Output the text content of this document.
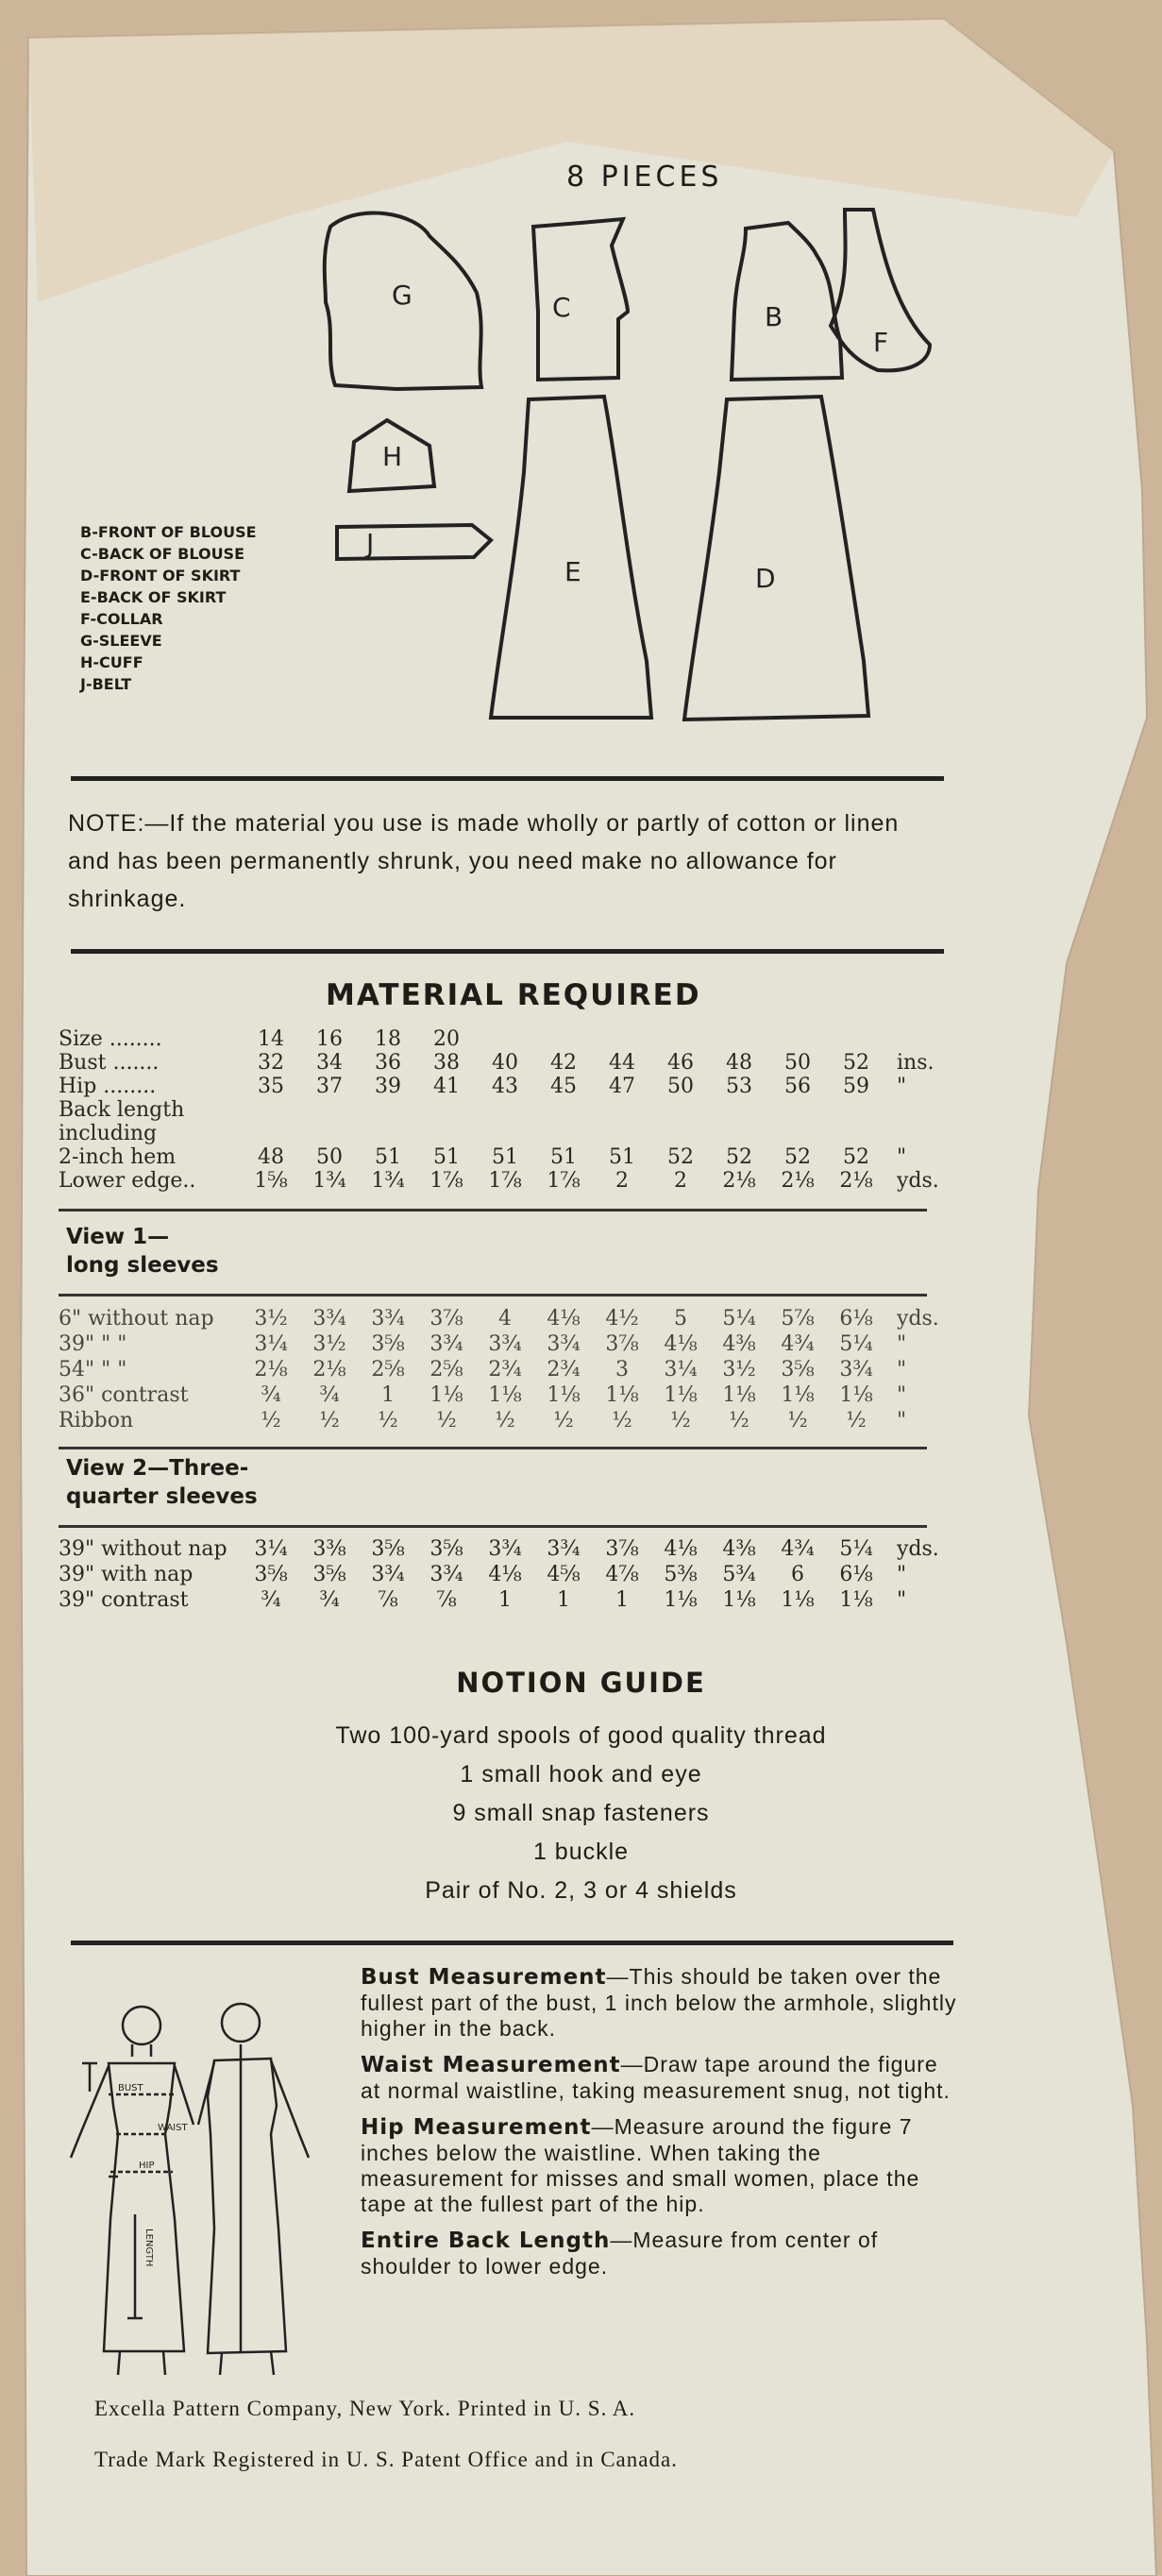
8 PIECES
G	C	B
F
H
J
E	D
B-FRONT OF BLOUSE
C-BACK OF BLOUSE
D-FRONT OF SKIRT
E-BACK OF SKIRT
F-COLLAR
G-SLEEVE
H-CUFF
J-BELT
NOTE:—If the material you use is made wholly or partly of cotton or linen and has been permanently shrunk, you need make no allowance for shrinkage.
MATERIAL REQUIRED
Size ........	14	16	18	20
Bust .......	32	34	36	38	40	42	44	46	48	50	52	ins.
Hip ........	35	37	39	41	43	45	47	50	53	56	59	"
Back length
including
2-inch hem	48	50	51	51	51	51	51	52	52	52	52	"
Lower edge..	1⅝	1¾	1¾	1⅞	1⅞	1⅞	2	2	2⅛	2⅛	2⅛	yds.
View 1—
long sleeves
6" without nap	3½	3¾	3¾	3⅞	4	4⅛	4½	5	5¼	5⅞	6⅛	yds.
39" " "	3¼	3½	3⅝	3¾	3¾	3¾	3⅞	4⅛	4⅜	4¾	5¼	"
54" " "	2⅛	2⅛	2⅝	2⅝	2¾	2¾	3	3¼	3½	3⅝	3¾	"
36" contrast	¾	¾	1	1⅛	1⅛	1⅛	1⅛	1⅛	1⅛	1⅛	1⅛	"
Ribbon	½	½	½	½	½	½	½	½	½	½	½	"
View 2—Three-
quarter sleeves
39" without nap	3¼	3⅜	3⅝	3⅝	3¾	3¾	3⅞	4⅛	4⅜	4¾	5¼	yds.
39" with nap	3⅝	3⅝	3¾	3¾	4⅛	4⅝	4⅞	5⅜	5¾	6	6⅛	"
39" contrast	¾	¾	⅞	⅞	1	1	1	1⅛	1⅛	1⅛	1⅛	"
NOTION GUIDE
Two 100-yard spools of good quality thread
1 small hook and eye
9 small snap fasteners
1 buckle
Pair of No. 2, 3 or 4 shields
BUST
WAIST
HIP
LENGTH

Bust Measurement—This should be taken over the fullest part of the bust, 1 inch below the armhole, slightly higher in the back.

Waist Measurement—Draw tape around the figure at normal waistline, taking measurement snug, not tight.

Hip Measurement—Measure around the figure 7 inches below the waistline. When taking the measurement for misses and small women, place the tape at the fullest part of the hip.

Entire Back Length—Measure from center of shoulder to lower edge.

Excella Pattern Company, New York. Printed in U. S. A.
Trade Mark Registered in U. S. Patent Office and in Canada.
